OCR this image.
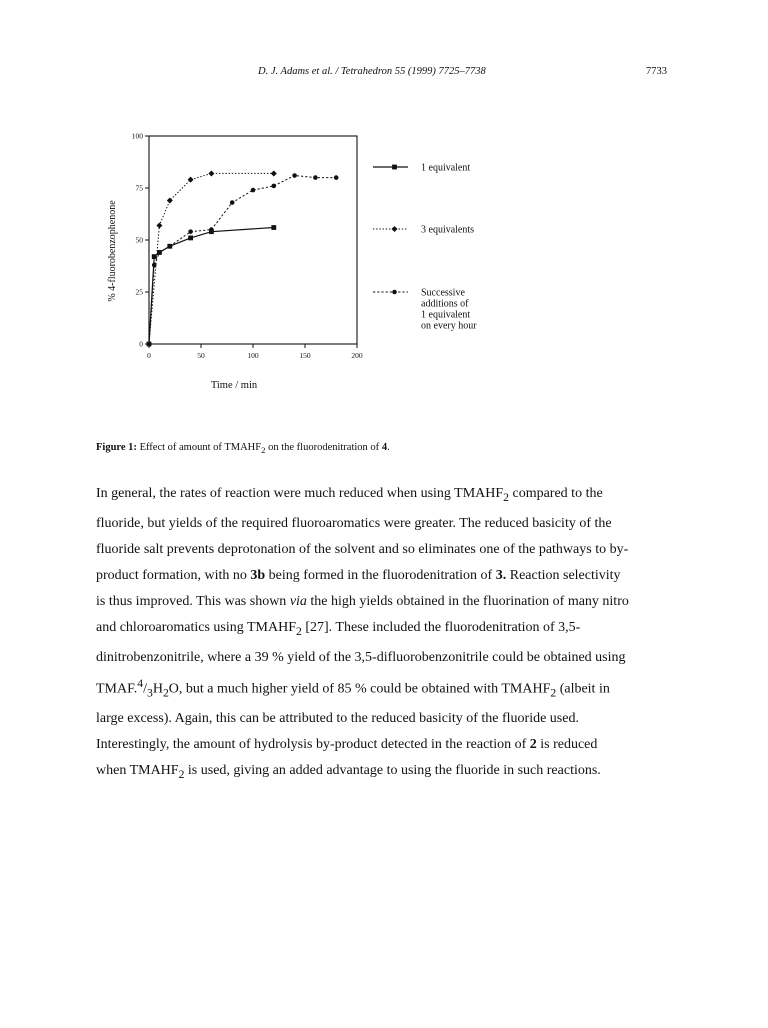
D. J. Adams et al. / Tetrahedron 55 (1999) 7725–7738	7733
0
25
50
75
100
0	50	100	150	200
Time / min
% 4-fluorobenzophenone
1 equivalent
3 equivalents
Successive
additions of
1 equivalent
on every hour
Figure 1: Effect of amount of $TMAHF_2$ on the fluorodenitration of 4.

In general, the rates of reaction were much reduced when using $TMAHF_2$ compared to the

fluoride, but yields of the required fluoroaromatics were greater. The reduced basicity of the

fluoride salt prevents deprotonation of the solvent and so eliminates one of the pathways to by-

product formation, with no 3b being formed in the fluorodenitration of 3. Reaction selectivity

is thus improved. This was shown via the high yields obtained in the fluorination of many nitro

and chloroaromatics using $TMAHF_2$ [27]. These included the fluorodenitration of 3,5-

dinitrobenzonitrile, where a 39 % yield of the 3,5-difluorobenzonitrile could be obtained using

$TMAF.^4/_3H_2O$, but a much higher yield of 85 % could be obtained with $TMAHF_2$ (albeit in

large excess). Again, this can be attributed to the reduced basicity of the fluoride used.

Interestingly, the amount of hydrolysis by-product detected in the reaction of 2 is reduced

when $TMAHF_2$ is used, giving an added advantage to using the fluoride in such reactions.
